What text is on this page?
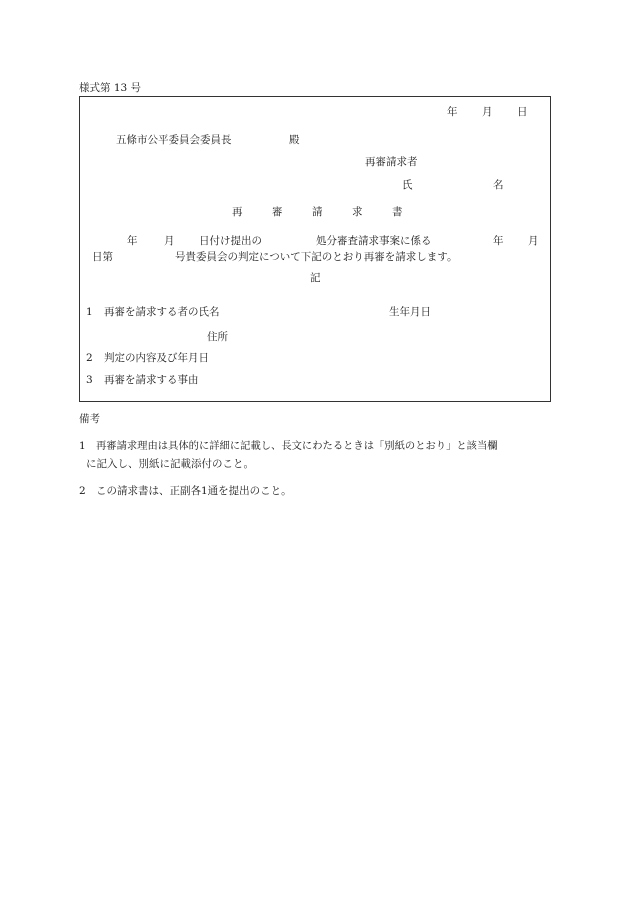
様式第 13 号
年 月 日
五條市公平委員会委員長	殿
再審請求者
氏	名
再	審	請	求	書
年	月 日付け提出の	処分審査請求事案に係る	年 月
日第	号貴委員会の判定について下記のとおり再審を請求します。
記
1 再審を請求する者の氏名	生年月日
住所
2 判定の内容及び年月日
3 再審を請求する事由
備考
1 再審請求理由は具体的に詳細に記載し、長文にわたるときは「別紙のとおり」と該当欄
に記入し、別紙に記載添付のこと。
2 この請求書は、正副各1通を提出のこと。
